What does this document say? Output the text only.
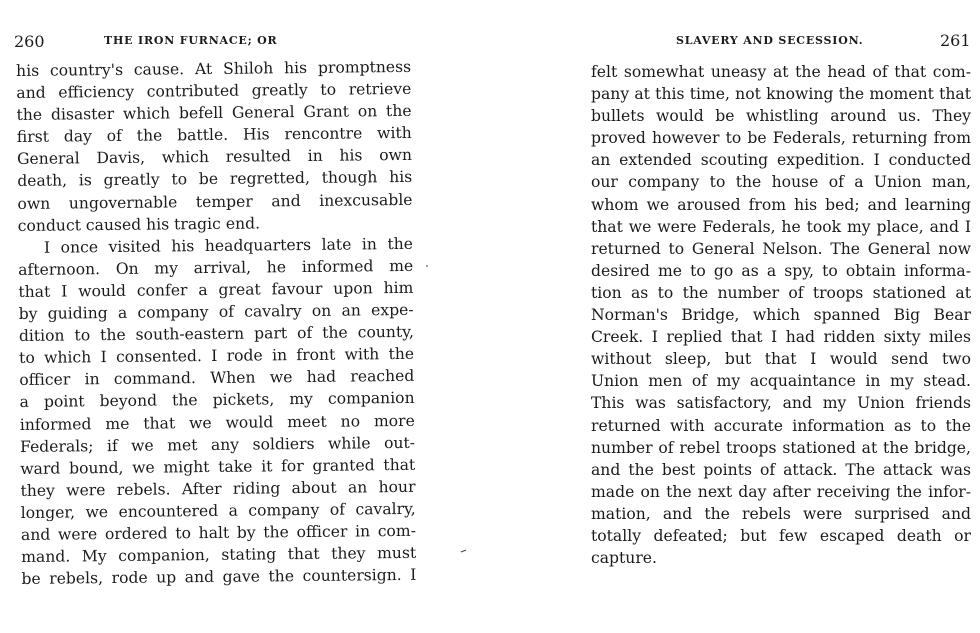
260	THE IRON FURNACE; OR
his country's cause. At Shiloh his promptness
and efficiency contributed greatly to retrieve
the disaster which befell General Grant on the
first day of the battle. His rencontre with
General Davis, which resulted in his own
death, is greatly to be regretted, though his
own ungovernable temper and inexcusable
conduct caused his tragic end.
I once visited his headquarters late in the
afternoon. On my arrival, he informed me
that I would confer a great favour upon him
by guiding a company of cavalry on an expe-
dition to the south-eastern part of the county,
to which I consented. I rode in front with the
officer in command. When we had reached
a point beyond the pickets, my companion
informed me that we would meet no more
Federals; if we met any soldiers while out-
ward bound, we might take it for granted that
they were rebels. After riding about an hour
longer, we encountered a company of cavalry,
and were ordered to halt by the officer in com-
mand. My companion, stating that they must
be rebels, rode up and gave the countersign. I
SLAVERY AND SECESSION.	261
felt somewhat uneasy at the head of that com-
pany at this time, not knowing the moment that
bullets would be whistling around us. They
proved however to be Federals, returning from
an extended scouting expedition. I conducted
our company to the house of a Union man,
whom we aroused from his bed; and learning
that we were Federals, he took my place, and I
returned to General Nelson. The General now
desired me to go as a spy, to obtain informa-
tion as to the number of troops stationed at
Norman's Bridge, which spanned Big Bear
Creek. I replied that I had ridden sixty miles
without sleep, but that I would send two
Union men of my acquaintance in my stead.
This was satisfactory, and my Union friends
returned with accurate information as to the
number of rebel troops stationed at the bridge,
and the best points of attack. The attack was
made on the next day after receiving the infor-
mation, and the rebels were surprised and
totally defeated; but few escaped death or
capture.
